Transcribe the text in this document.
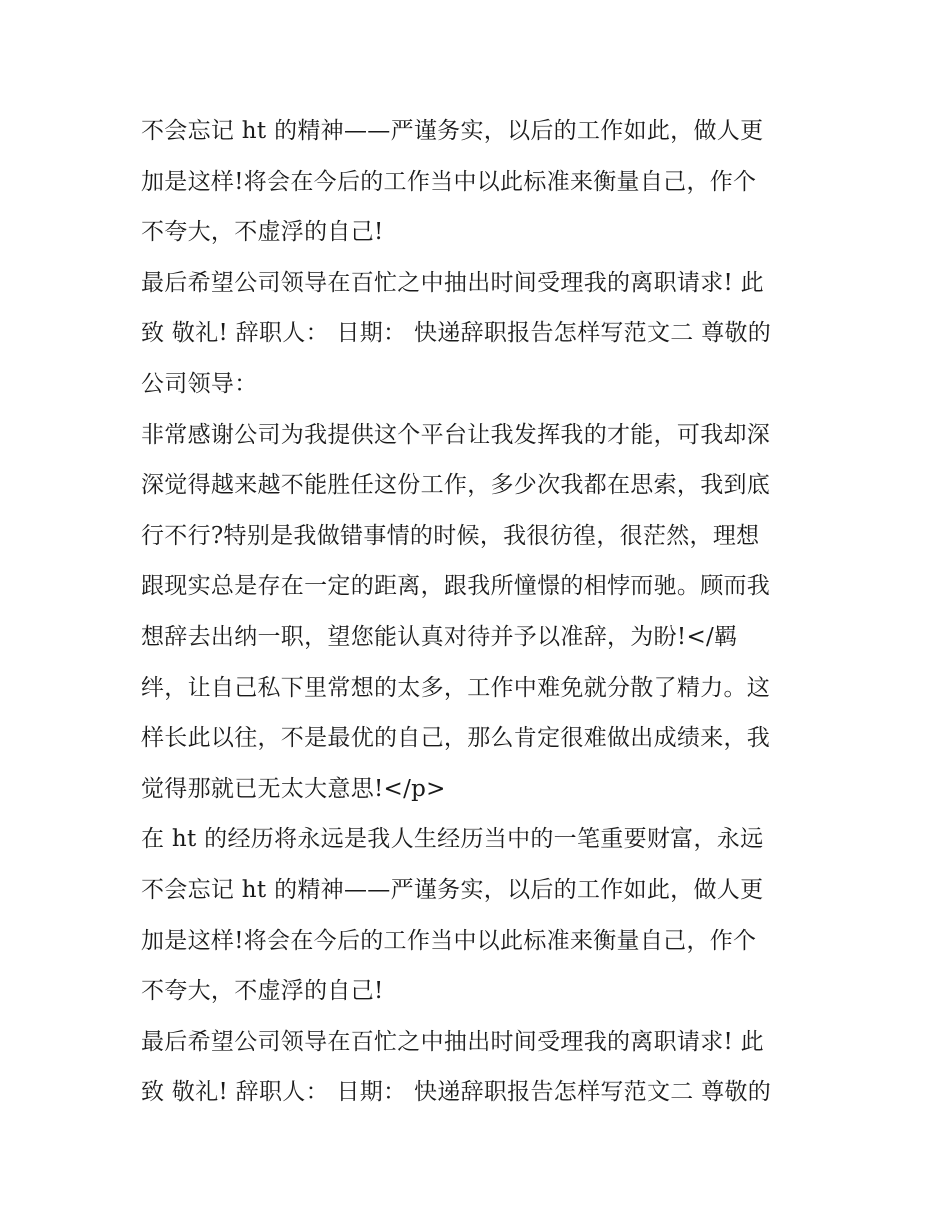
不会忘记 ht 的精神——严谨务实，以后的工作如此，做人更
加是这样!将会在今后的工作当中以此标准来衡量自己，作个
不夸大，不虚浮的自己!
最后希望公司领导在百忙之中抽出时间受理我的离职请求! 此
致 敬礼! 辞职人： 日期： 快递辞职报告怎样写范文二 尊敬的
公司领导：
非常感谢公司为我提供这个平台让我发挥我的才能，可我却深
深觉得越来越不能胜任这份工作，多少次我都在思索，我到底
行不行?特别是我做错事情的时候，我很彷徨，很茫然，理想
跟现实总是存在一定的距离，跟我所憧憬的相悖而驰。顾而我
想辞去出纳一职，望您能认真对待并予以准辞，为盼!</羁
绊，让自己私下里常想的太多，工作中难免就分散了精力。这
样长此以往，不是最优的自己，那么肯定很难做出成绩来，我
觉得那就已无太大意思!</p>
在 ht 的经历将永远是我人生经历当中的一笔重要财富，永远
不会忘记 ht 的精神——严谨务实，以后的工作如此，做人更
加是这样!将会在今后的工作当中以此标准来衡量自己，作个
不夸大，不虚浮的自己!
最后希望公司领导在百忙之中抽出时间受理我的离职请求! 此
致 敬礼! 辞职人： 日期： 快递辞职报告怎样写范文二 尊敬的
